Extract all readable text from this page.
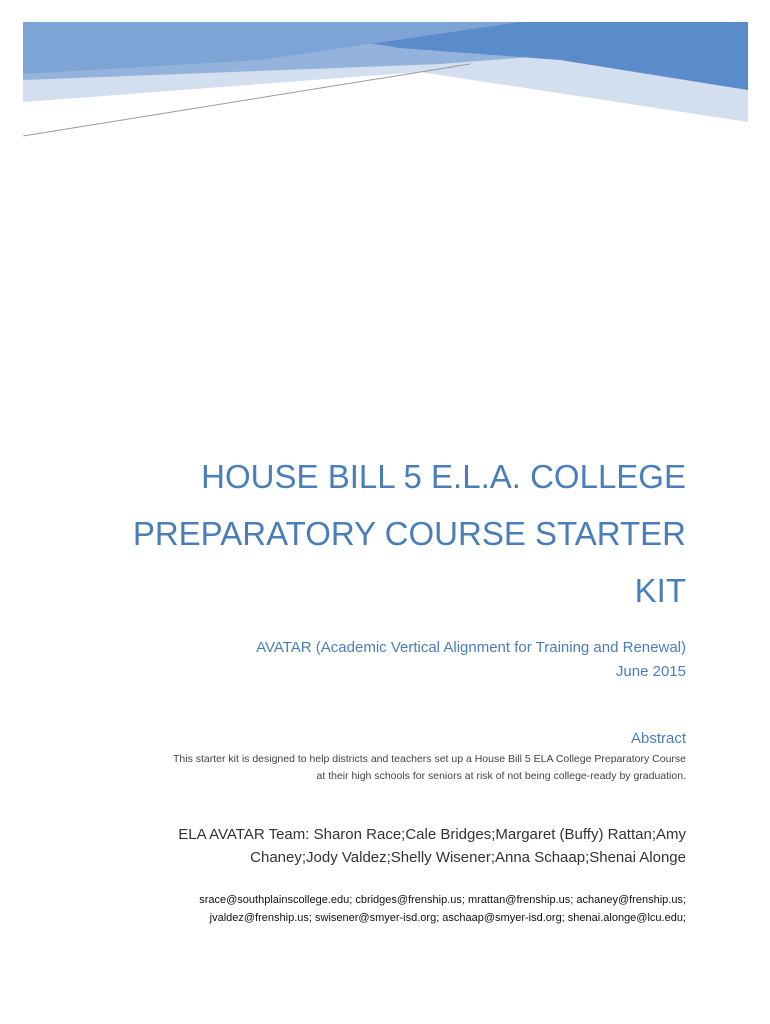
HOUSE BILL 5 E.L.A. COLLEGE PREPARATORY COURSE STARTER KIT
AVATAR (Academic Vertical Alignment for Training and Renewal)
June 2015
Abstract
This starter kit is designed to help districts and teachers set up a House Bill 5 ELA College Preparatory Course at their high schools for seniors at risk of not being college-ready by graduation.
ELA AVATAR Team: Sharon Race;Cale Bridges;Margaret (Buffy) Rattan;Amy Chaney;Jody Valdez;Shelly Wisener;Anna Schaap;Shenai Alonge
srace@southplainscollege.edu; cbridges@frenship.us; mrattan@frenship.us; achaney@frenship.us; jvaldez@frenship.us; swisener@smyer-isd.org; aschaap@smyer-isd.org; shenai.alonge@lcu.edu;
